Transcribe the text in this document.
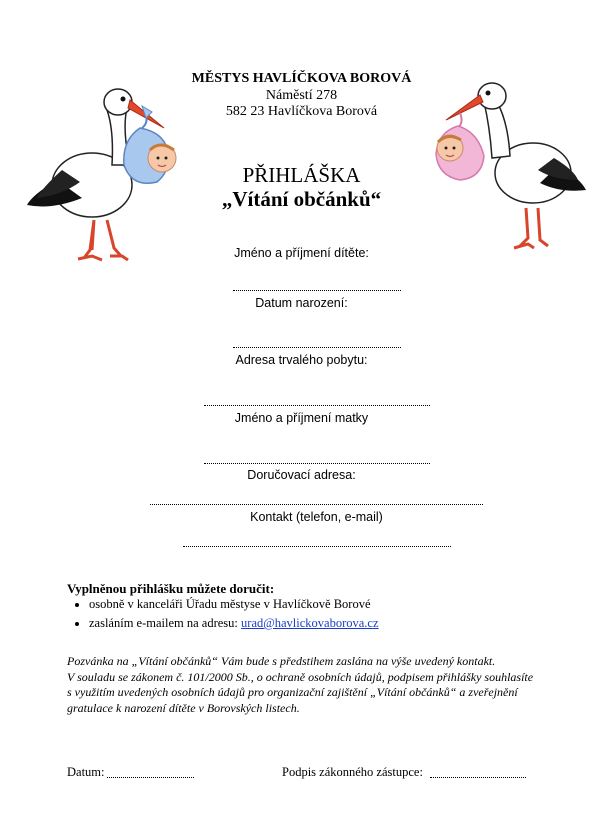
MĚSTYS HAVLÍČKOVA BOROVÁ
Náměstí 278
582 23 Havlíčkova Borová
PŘIHLÁŠKA
„Vítání občánků“
Jméno a příjmení dítěte:
Datum narození:
Adresa trvalého pobytu:
Jméno a příjmení matky
Doručovací adresa:
Kontakt (telefon, e-mail)
Vyplněnou přihlášku můžete doručit:
• osobně v kanceláři Úřadu městyse v Havlíčkově Borové
• zasláním e-mailem na adresu: urad@havlickovaborova.cz
Pozvánka na „Vítání občánků“ Vám bude s předstihem zaslána na výše uvedený kontakt.
V souladu se zákonem č. 101/2000 Sb., o ochraně osobních údajů, podpisem přihlášky souhlasíte
s využitím uvedených osobních údajů pro organizační zajištění „Vítání občánků“ a zveřejnění
gratulace k narození dítěte v Borovských listech.
Datum:	Podpis zákonného zástupce:
